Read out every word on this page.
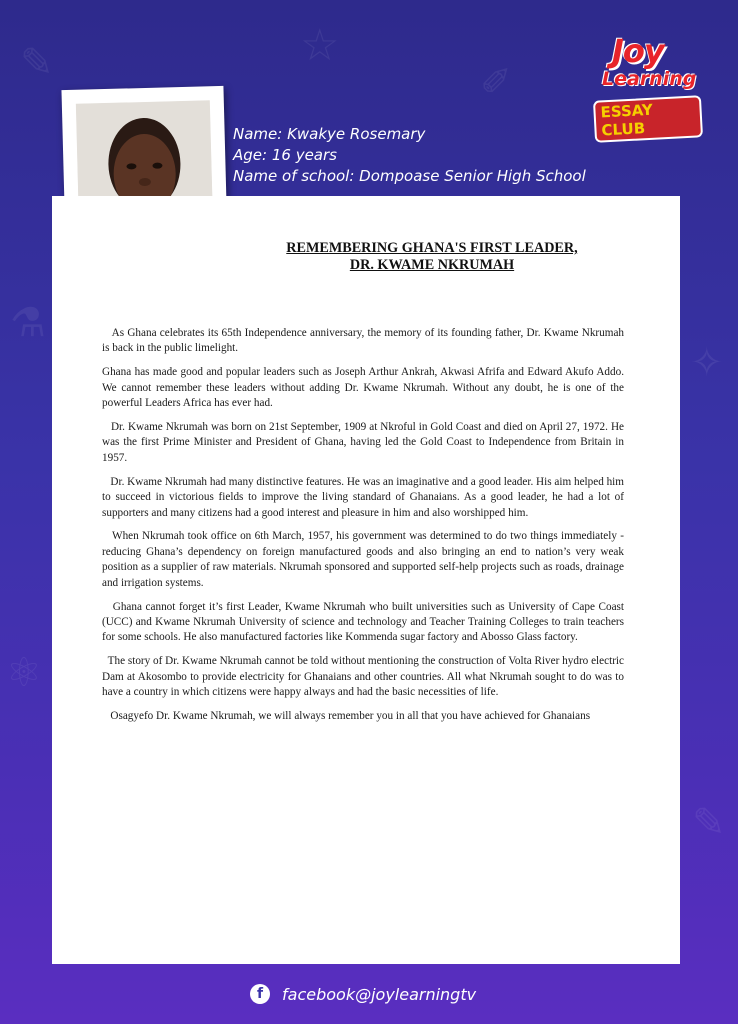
✎	☆
✐
⚗
✧
⚛
✎
Joy
Learning
ESSAY CLUB
Name: Kwakye Rosemary
Age: 16 years
Name of school: Dompoase Senior High School
REMEMBERING GHANA'S FIRST LEADER,
DR. KWAME NKRUMAH

As Ghana celebrates its 65th Independence anniversary, the memory of its founding father, Dr. Kwame Nkrumah is back in the public limelight.

Ghana has made good and popular leaders such as Joseph Arthur Ankrah, Akwasi Afrifa and Edward Akufo Addo. We cannot remember these leaders without adding Dr. Kwame Nkrumah. Without any doubt, he is one of the powerful Leaders Africa has ever had.

Dr. Kwame Nkrumah was born on 21st September, 1909 at Nkroful in Gold Coast and died on April 27, 1972. He was the first Prime Minister and President of Ghana, having led the Gold Coast to Independence from Britain in 1957.

Dr. Kwame Nkrumah had many distinctive features. He was an imaginative and a good leader. His aim helped him to succeed in victorious fields to improve the living standard of Ghanaians. As a good leader, he had a lot of supporters and many citizens had a good interest and pleasure in him and also worshipped him.

When Nkrumah took office on 6th March, 1957, his government was determined to do two things immediately - reducing Ghana’s dependency on foreign manufactured goods and also bringing an end to nation’s very weak position as a supplier of raw materials. Nkrumah sponsored and supported self-help projects such as roads, drainage and irrigation systems.

Ghana cannot forget it’s first Leader, Kwame Nkrumah who built universities such as University of Cape Coast (UCC) and Kwame Nkrumah University of science and technology and Teacher Training Colleges to train teachers for some schools. He also manufactured factories like Kommenda sugar factory and Abosso Glass factory.

The story of Dr. Kwame Nkrumah cannot be told without mentioning the construction of Volta River hydro electric Dam at Akosombo to provide electricity for Ghanaians and other countries. All what Nkrumah sought to do was to have a country in which citizens were happy always and had the basic necessities of life.

Osagyefo Dr. Kwame Nkrumah, we will always remember you in all that you have achieved for Ghanaians

f	facebook@joylearningtv
